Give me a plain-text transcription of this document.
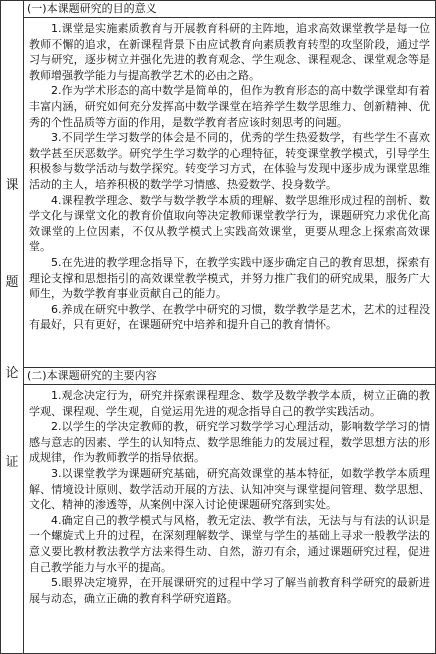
课
题
论
证
(一)本课题研究的目的意义

1.课堂是实施素质教育与开展教育科研的主阵地，追求高效课堂教学是每一位教师不懈的追求，在新课程背景下由应试教育向素质教育转型的攻坚阶段，通过学习与研究，逐步树立并强化先进的教育观念、学生观念、课程观念、课堂观念等是教师增强教学能力与提高教学艺术的必由之路。

2.作为学术形态的高中数学是简单的，但作为教育形态的高中数学课堂却有着丰富内涵，研究如何充分发挥高中数学课堂在培养学生数学思维力、创新精神、优秀的个性品质等方面的作用，是数学教育者应该时刻思考的问题。

3.不同学生学习数学的体会是不同的，优秀的学生热爱数学，有些学生不喜欢数学甚至厌恶数学。研究学生学习数学的心理特征，转变课堂教学模式，引导学生积极参与数学活动与数学探究。转变学习方式，在体验与发现中逐步成为课堂思维活动的主人，培养积极的数学学习情感、热爱数学、投身数学。

4.课程教学理念、数学与数学教学本质的理解、数学思维形成过程的剖析、数学文化与课堂文化的教育价值取向等决定教师课堂教学行为，课题研究力求优化高效课堂的上位因素，不仅从教学模式上实践高效课堂，更要从理念上探索高效课堂。

5.在先进的教学理念指导下，在教学实践中逐步确定自己的教育思想，探索有理论支撑和思想指引的高效课堂教学模式，并努力推广我们的研究成果，服务广大师生，为数学教育事业贡献自己的能力。

6.养成在研究中教学、在教学中研究的习惯，数学教学是艺术，艺术的过程没有最好，只有更好，在课题研究中培养和提升自己的教育情怀。

(二)本课题研究的主要内容

1.观念决定行为，研究并探索课程理念、数学及数学教学本质，树立正确的教学观、课程观、学生观，自觉运用先进的观念指导自己的教学实践活动。

2.以学生的学决定教师的教，研究学习数学学习心理活动，影响数学学习的情感与意志的因素、学生的认知特点、数学思维能力的发展过程，数学思想方法的形成规律，作为教师教学的指导依据。

3.以课堂教学为课题研究基础，研究高效课堂的基本特征，如数学教学本质理解、情境设计原则、数学活动开展的方法、认知冲突与课堂提问管理、数学思想、文化、精神的渗透等，从案例中深入讨论使课题研究落到实处。

4.确定自己的教学模式与风格，教无定法、教学有法，无法与与有法的认识是一个螺旋式上升的过程，在深刻理解数学、课堂与学生的基础上寻求一般教学法的意义要比教材教法教学方法来得生动、自然，游刃有余，通过课题研究过程，促进自己教学能力与水平的提高。

5.眼界决定境界，在开展课研究的过程中学习了解当前教育科学研究的最新进展与动态，确立正确的教育科学研究道路。
